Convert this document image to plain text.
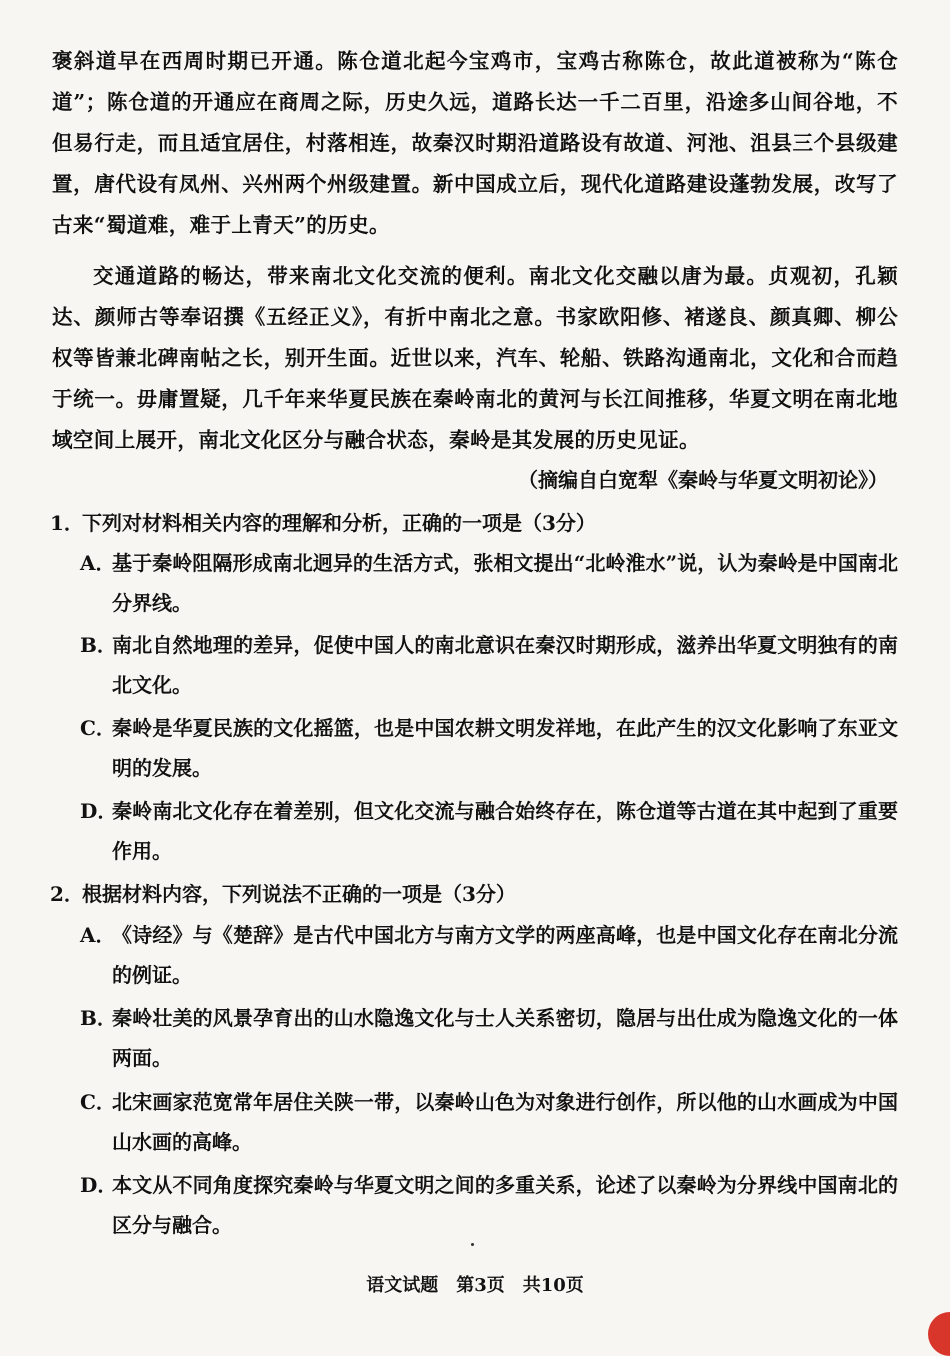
褒斜道早在西周时期已开通。陈仓道北起今宝鸡市，宝鸡古称陈仓，故此道被称为“陈仓道”；陈仓道的开通应在商周之际，历史久远，道路长达一千二百里，沿途多山间谷地，不但易行走，而且适宜居住，村落相连，故秦汉时期沿道路设有故道、河池、沮县三个县级建置，唐代设有凤州、兴州两个州级建置。新中国成立后，现代化道路建设蓬勃发展，改写了古来“蜀道难，难于上青天”的历史。

交通道路的畅达，带来南北文化交流的便利。南北文化交融以唐为最。贞观初，孔颖达、颜师古等奉诏撰《五经正义》，有折中南北之意。书家欧阳修、褚遂良、颜真卿、柳公权等皆兼北碑南帖之长，别开生面。近世以来，汽车、轮船、铁路沟通南北，文化和合而趋于统一。毋庸置疑，几千年来华夏民族在秦岭南北的黄河与长江间推移，华夏文明在南北地域空间上展开，南北文化区分与融合状态，秦岭是其发展的历史见证。

（摘编自白宽犁《秦岭与华夏文明初论》）
1．下列对材料相关内容的理解和分析，正确的一项是（3分）
A．
基于秦岭阻隔形成南北迥异的生活方式，张相文提出“北岭淮水”说，认为秦岭是中国南北分界线。
B．
南北自然地理的差异，促使中国人的南北意识在秦汉时期形成，滋养出华夏文明独有的南北文化。
C．
秦岭是华夏民族的文化摇篮，也是中国农耕文明发祥地，在此产生的汉文化影响了东亚文明的发展。
D．
秦岭南北文化存在着差别，但文化交流与融合始终存在，陈仓道等古道在其中起到了重要作用。
2．根据材料内容，下列说法不正确的一项是（3分）
A．
《诗经》与《楚辞》是古代中国北方与南方文学的两座高峰，也是中国文化存在南北分流的例证。
B．
秦岭壮美的风景孕育出的山水隐逸文化与士人关系密切，隐居与出仕成为隐逸文化的一体两面。
C．
北宋画家范宽常年居住关陕一带，以秦岭山色为对象进行创作，所以他的山水画成为中国山水画的高峰。
D．
本文从不同角度探究秦岭与华夏文明之间的多重关系，论述了以秦岭为分界线中国南北的区分与融合。
语文试题　第3页　共10页
